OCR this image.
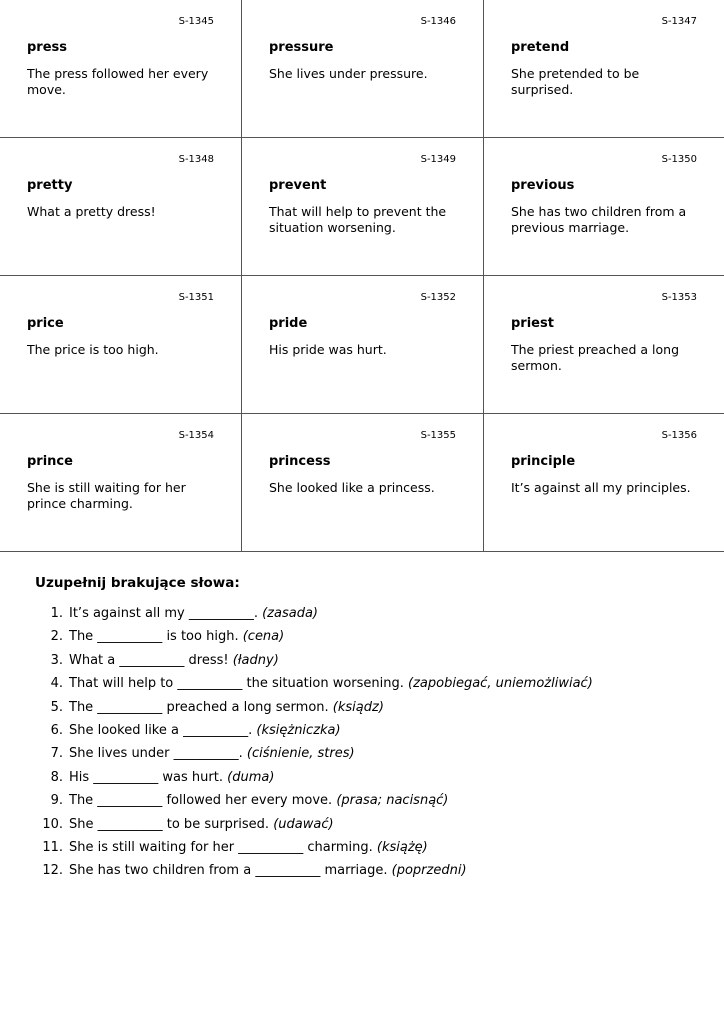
S-1345
press
The press followed her every move.
S-1346
pressure
She lives under pressure.
S-1347
pretend
She pretended to be surprised.
S-1348
pretty
What a pretty dress!
S-1349
prevent
That will help to prevent the situation worsening.
S-1350
previous
She has two children from a previous marriage.
S-1351
price
The price is too high.
S-1352
pride
His pride was hurt.
S-1353
priest
The priest preached a long sermon.
S-1354
prince
She is still waiting for her prince charming.
S-1355
princess
She looked like a princess.
S-1356
principle
It’s against all my principles.
Uzupełnij brakujące słowa:
1. It’s against all my __________. (zasada)
2. The __________ is too high. (cena)
3. What a __________ dress! (ładny)
4. That will help to __________ the situation worsening. (zapobiegać, uniemożliwiać)
5. The __________ preached a long sermon. (ksiądz)
6. She looked like a __________. (księżniczka)
7. She lives under __________. (ciśnienie, stres)
8. His __________ was hurt. (duma)
9. The __________ followed her every move. (prasa; nacisnąć)
10. She __________ to be surprised. (udawać)
11. She is still waiting for her __________ charming. (książę)
12. She has two children from a __________ marriage. (poprzedni)
